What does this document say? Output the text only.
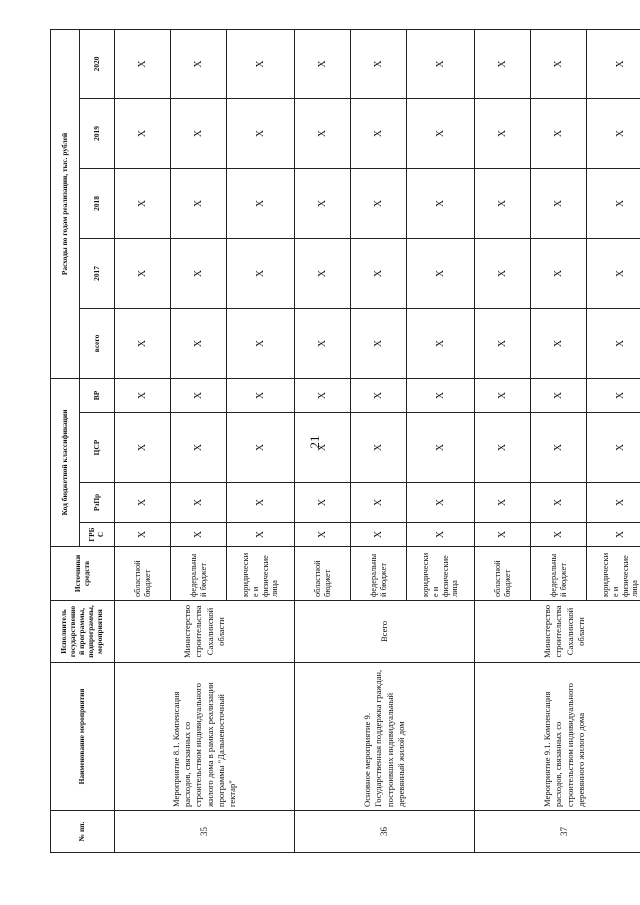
21
№ пп.	Наименование мероприятия	Исполнитель государственной программы, подпрограммы, мероприятия	Источники средств	Код бюджетной классификации				Расходы по годам реализации, тыс. рублей				
				ГРБС	РзПр	ЦСР	ВР	всего	2017	2018	2019	2020
35	Мероприятие 8.1. Компенсация расходов, связанных со строительством индивидуального жилого дома в рамках реализации программы "Дальневосточный гектар"	Министерство строительства Сахалинской области	областной бюджет	Х	Х	Х	Х	Х	Х	Х	Х	Х
			федеральный бюджет	Х	Х	Х	Х	Х	Х	Х	Х	Х
			юридические и физические лица	Х	Х	Х	Х	Х	Х	Х	Х	Х
36	Основное мероприятие 9. Государственная поддержка граждан, построивших индивидуальный деревянный жилой дом	Всего	областной бюджет	Х	Х	Х	Х	Х	Х	Х	Х	Х
			федеральный бюджет	Х	Х	Х	Х	Х	Х	Х	Х	Х
			юридические и физические лица	Х	Х	Х	Х	Х	Х	Х	Х	Х
37	Мероприятие 9.1. Компенсация расходов, связанных со строительством индивидуального деревянного жилого дома	Министерство строительства Сахалинской области	областной бюджет	Х	Х	Х	Х	Х	Х	Х	Х	Х
			федеральный бюджет	Х	Х	Х	Х	Х	Х	Х	Х	Х
			юридические и физические лица	Х	Х	Х	Х	Х	Х	Х	Х	Х
